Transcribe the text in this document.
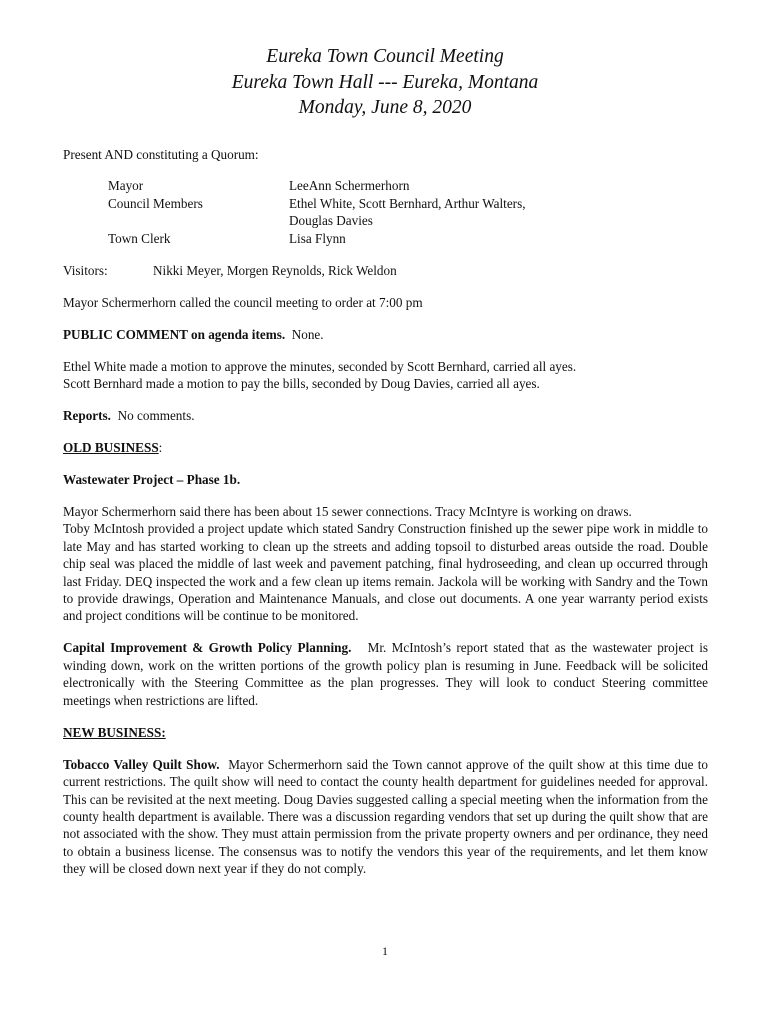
Eureka Town Council Meeting
Eureka Town Hall --- Eureka, Montana
Monday, June 8, 2020

Present AND constituting a Quorum:

Mayor	LeeAnn Schermerhorn
Council Members	Ethel White, Scott Bernhard, Arthur Walters,
Douglas Davies
Town Clerk	Lisa Flynn

Visitors:	Nikki Meyer, Morgen Reynolds, Rick Weldon

Mayor Schermerhorn called the council meeting to order at 7:00 pm

PUBLIC COMMENT on agenda items. None.

Ethel White made a motion to approve the minutes, seconded by Scott Bernhard, carried all ayes.

Scott Bernhard made a motion to pay the bills, seconded by Doug Davies, carried all ayes.

Reports. No comments.

OLD BUSINESS:

Wastewater Project – Phase 1b.

Mayor Schermerhorn said there has been about 15 sewer connections. Tracy McIntyre is working on draws.

Toby McIntosh provided a project update which stated Sandry Construction finished up the sewer pipe work in middle to late May and has started working to clean up the streets and adding topsoil to disturbed areas outside the road. Double chip seal was placed the middle of last week and pavement patching, final hydroseeding, and clean up occurred through last Friday. DEQ inspected the work and a few clean up items remain. Jackola will be working with Sandry and the Town to provide drawings, Operation and Maintenance Manuals, and close out documents. A one year warranty period exists and project conditions will be continue to be monitored.

Capital Improvement & Growth Policy Planning. Mr. McIntosh’s report stated that as the wastewater project is winding down, work on the written portions of the growth policy plan is resuming in June. Feedback will be solicited electronically with the Steering Committee as the plan progresses. They will look to conduct Steering committee meetings when restrictions are lifted.

NEW BUSINESS:

Tobacco Valley Quilt Show. Mayor Schermerhorn said the Town cannot approve of the quilt show at this time due to current restrictions. The quilt show will need to contact the county health department for guidelines needed for approval. This can be revisited at the next meeting. Doug Davies suggested calling a special meeting when the information from the county health department is available. There was a discussion regarding vendors that set up during the quilt show that are not associated with the show. They must attain permission from the private property owners and per ordinance, they need to obtain a business license. The consensus was to notify the vendors this year of the requirements, and let them know they will be closed down next year if they do not comply.

1
